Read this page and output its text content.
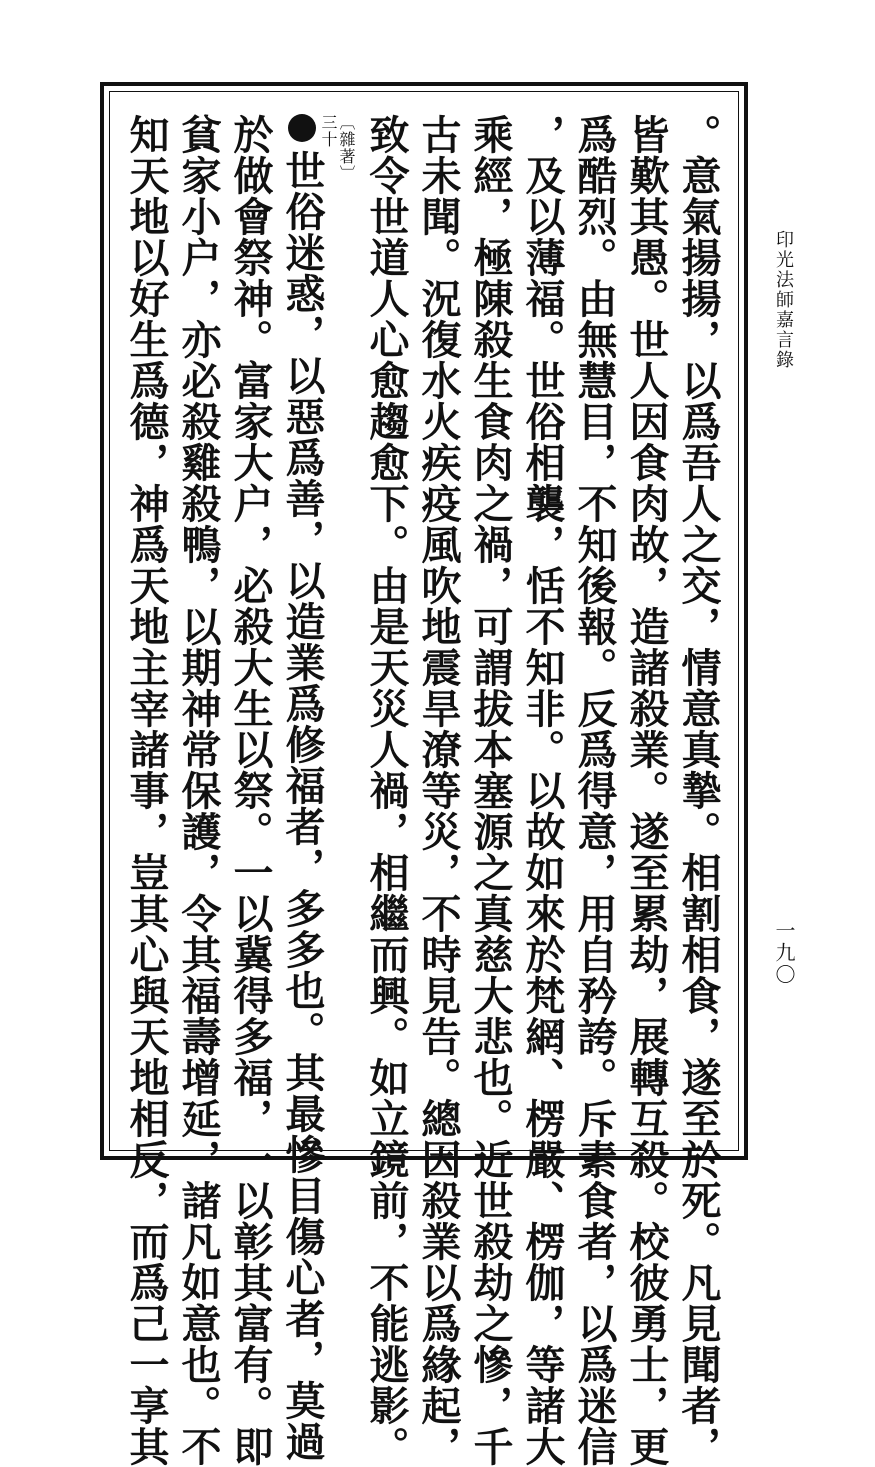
印光法師嘉言錄
一九〇
。意氣揚揚，以爲吾人之交，情意真摯。相割相食，遂至於死。凡見聞者，
皆歎其愚。世人因食肉故，造諸殺業。遂至累劫，展轉互殺。校彼勇士，更
爲酷烈。由無慧目，不知後報。反爲得意，用自矜誇。斥素食者，以爲迷信
，及以薄福。世俗相襲，恬不知非。以故如來於梵網、楞嚴、楞伽，等諸大
乘經，極陳殺生食肉之禍，可謂拔本塞源之真慈大悲也。近世殺劫之慘，千
古未聞。況復水火疾疫風吹地震旱潦等災，不時見告。總因殺業以爲緣起，
致令世道人心愈趨愈下。由是天災人禍，相繼而興。如立鏡前，不能逃影。
〔雜著〕
三十
世俗迷惑，以惡爲善，以造業爲修福者，多多也。其最慘目傷心者，莫過
於做會祭神。富家大户，必殺大生以祭。一以冀得多福，一以彰其富有。即
貧家小户，亦必殺雞殺鴨，以期神常保護，令其福壽增延，諸凡如意也。不
知天地以好生爲德，神爲天地主宰諸事，豈其心與天地相反，而爲己一享其
